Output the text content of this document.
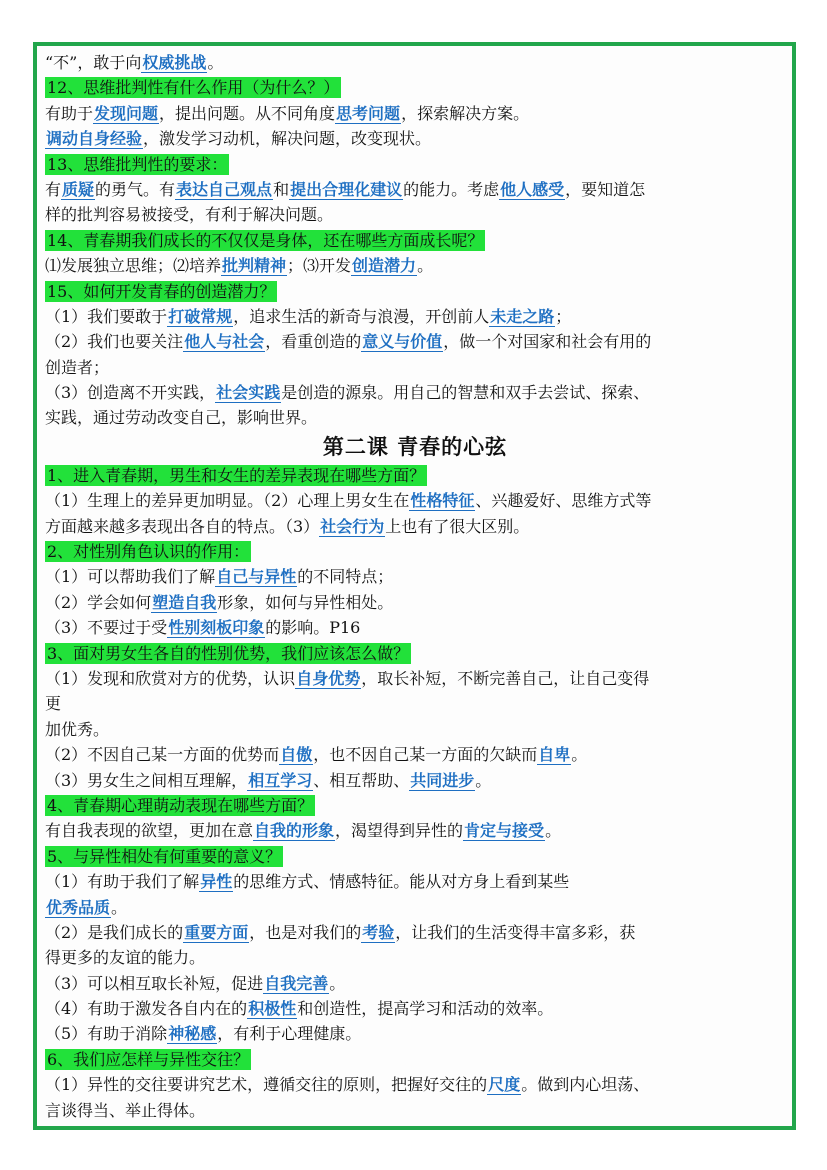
“不”，敢于向权威挑战。
12、思维批判性有什么作用（为什么？）
有助于发现问题，提出问题。从不同角度思考问题，探索解决方案。
调动自身经验，激发学习动机，解决问题，改变现状。
13、思维批判性的要求：
有质疑的勇气。有表达自己观点和提出合理化建议的能力。考虑他人感受，要知道怎
样的批判容易被接受，有利于解决问题。
14、青春期我们成长的不仅仅是身体，还在哪些方面成长呢？
⑴发展独立思维；⑵培养批判精神；⑶开发创造潜力。
15、如何开发青春的创造潜力？
（1）我们要敢于打破常规，追求生活的新奇与浪漫，开创前人未走之路；
（2）我们也要关注他人与社会，看重创造的意义与价值，做一个对国家和社会有用的
创造者；
（3）创造离不开实践，社会实践是创造的源泉。用自己的智慧和双手去尝试、探索、
实践，通过劳动改变自己，影响世界。
第二课 青春的心弦
1、进入青春期，男生和女生的差异表现在哪些方面？
（1）生理上的差异更加明显。（2）心理上男女生在性格特征、兴趣爱好、思维方式等
方面越来越多表现出各自的特点。（3）社会行为上也有了很大区别。
2、对性别角色认识的作用：
（1）可以帮助我们了解自己与异性的不同特点；
（2）学会如何塑造自我形象，如何与异性相处。
（3）不要过于受性别刻板印象的影响。P16
3、面对男女生各自的性别优势，我们应该怎么做？
（1）发现和欣赏对方的优势，认识自身优势，取长补短，不断完善自己，让自己变得
更
加优秀。
（2）不因自己某一方面的优势而自傲，也不因自己某一方面的欠缺而自卑。
（3）男女生之间相互理解，相互学习、相互帮助、共同进步。
4、青春期心理萌动表现在哪些方面？
有自我表现的欲望，更加在意自我的形象，渴望得到异性的肯定与接受。
5、与异性相处有何重要的意义？
（1）有助于我们了解异性的思维方式、情感特征。能从对方身上看到某些
优秀品质。
（2）是我们成长的重要方面，也是对我们的考验，让我们的生活变得丰富多彩，获
得更多的友谊的能力。
（3）可以相互取长补短，促进自我完善。
（4）有助于激发各自内在的积极性和创造性，提高学习和活动的效率。
（5）有助于消除神秘感，有利于心理健康。
6、我们应怎样与异性交往？
（1）异性的交往要讲究艺术，遵循交往的原则，把握好交往的尺度。做到内心坦荡、
言谈得当、举止得体。
